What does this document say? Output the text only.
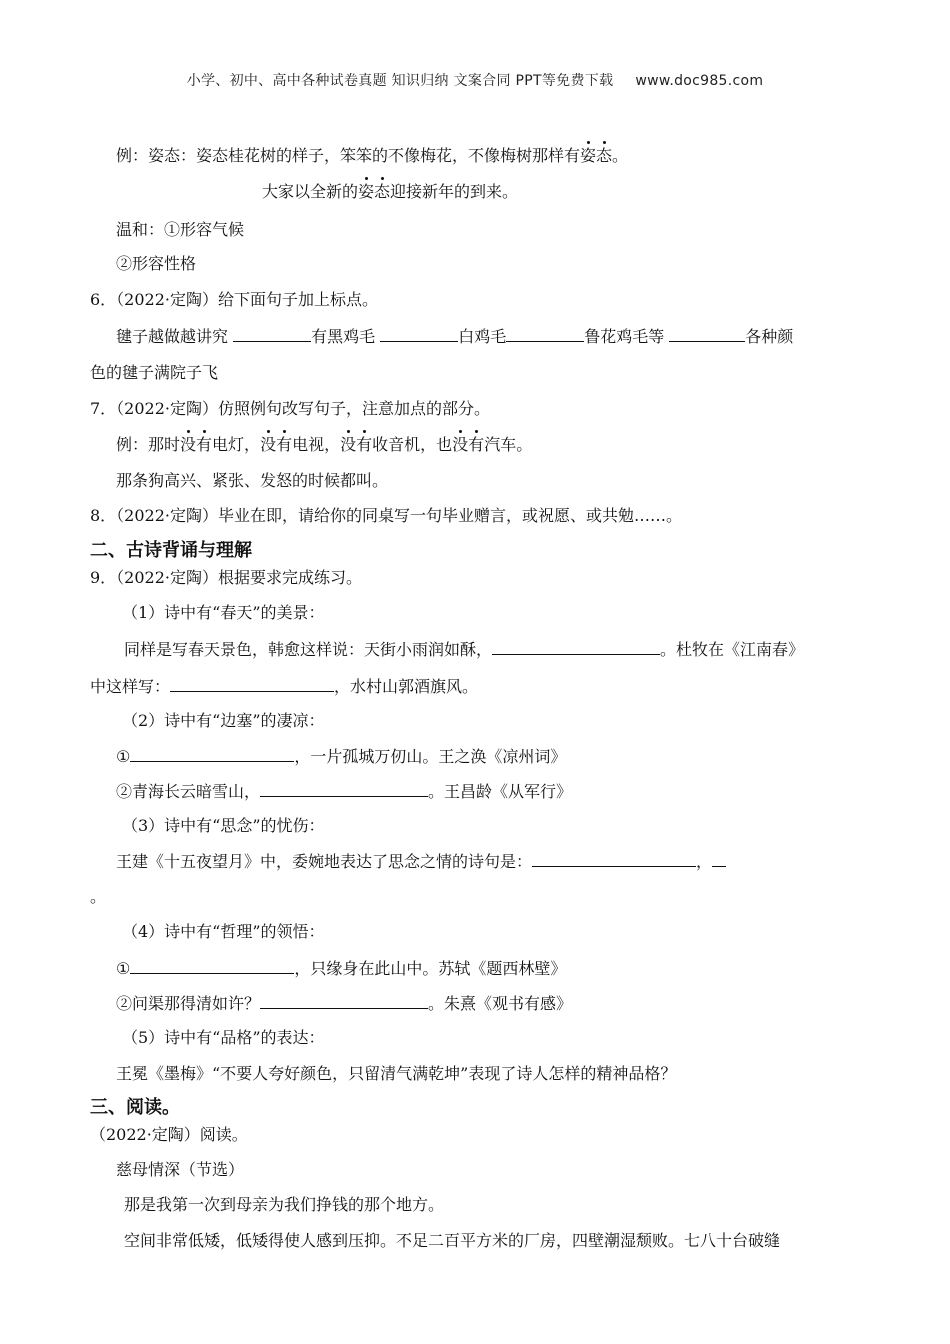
小学、初中、高中各种试卷真题 知识归纳 文案合同 PPT等免费下载 www.doc985.com
例：姿态：姿态桂花树的样子，笨笨的不像梅花，不像梅树那样有姿态。
大家以全新的姿态迎接新年的到来。
温和：①形容气候
②形容性格
6．（2022·定陶）给下面句子加上标点。
毽子越做越讲究	有黑鸡毛	白鸡毛	鲁花鸡毛等	各种颜
色的毽子满院子飞
7．（2022·定陶）仿照例句改写句子，注意加点的部分。
例：那时没有电灯，没有电视，没有收音机，也没有汽车。
那条狗高兴、紧张、发怒的时候都叫。
8．（2022·定陶）毕业在即，请给你的同桌写一句毕业赠言，或祝愿、或共勉……。
二、古诗背诵与理解
9．（2022·定陶）根据要求完成练习。
（1）诗中有“春天”的美景：
同样是写春天景色，韩愈这样说：天街小雨润如酥，	。杜牧在《江南春》
中这样写：	，水村山郭酒旗风。
（2）诗中有“边塞”的凄凉：
①	，一片孤城万仞山。王之涣《凉州词》
②青海长云暗雪山，	。王昌龄《从军行》
（3）诗中有“思念”的忧伤：
王建《十五夜望月》中，委婉地表达了思念之情的诗句是：	，
。
（4）诗中有“哲理”的领悟：
①	，只缘身在此山中。苏轼《题西林壁》
②问渠那得清如许？	。朱熹《观书有感》
（5）诗中有“品格”的表达：
王冕《墨梅》“不要人夸好颜色，只留清气满乾坤”表现了诗人怎样的精神品格？
三、阅读。
（2022·定陶）阅读。
慈母情深（节选）
那是我第一次到母亲为我们挣钱的那个地方。
空间非常低矮，低矮得使人感到压抑。不足二百平方米的厂房，四壁潮湿颓败。七八十台破缝
